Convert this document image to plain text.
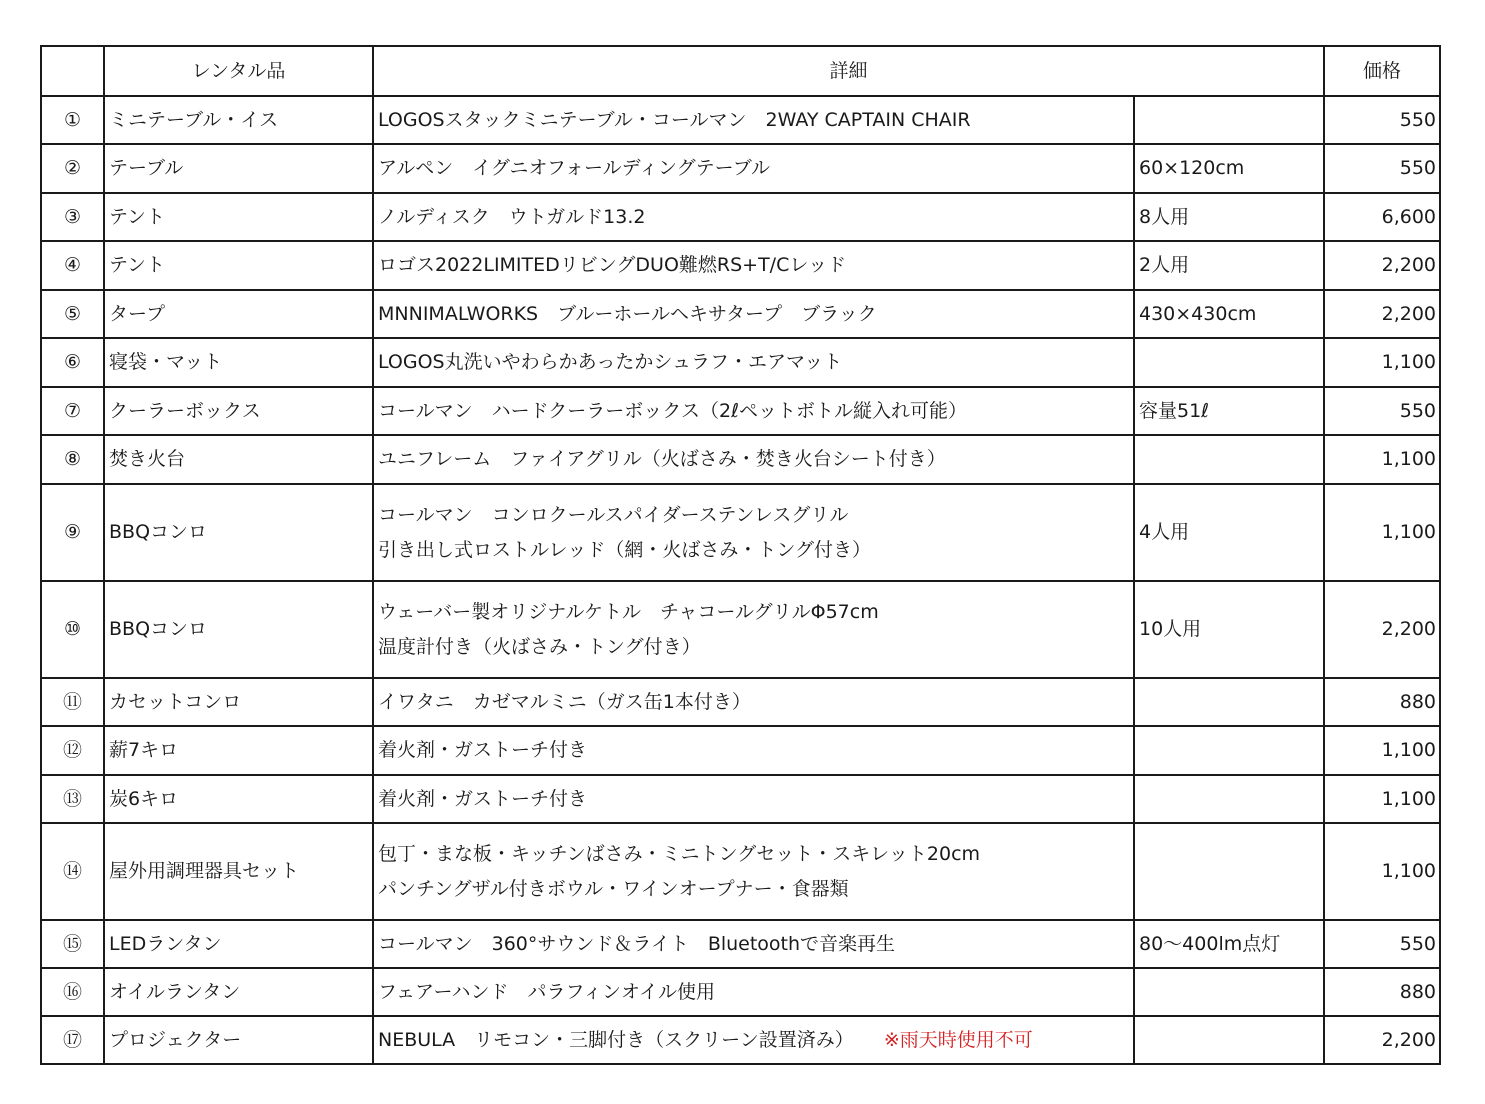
	レンタル品	詳細		価格
①	ミニテーブル・イス	LOGOSスタックミニテーブル・コールマン　2WAY CAPTAIN CHAIR		550
②	テーブル	アルペン　イグニオフォールディングテーブル	60×120cm	550
③	テント	ノルディスク　ウトガルド13.2	8人用	6,600
④	テント	ロゴス2022LIMITEDリビングDUO難燃RS+T/Cレッド	2人用	2,200
⑤	タープ	MNNIMALWORKS　ブルーホールヘキサタープ　ブラック	430×430cm	2,200
⑥	寝袋・マット	LOGOS丸洗いやわらかあったかシュラフ・エアマット		1,100
⑦	クーラーボックス	コールマン　ハードクーラーボックス（2ℓペットボトル縦入れ可能）	容量51ℓ	550
⑧	焚き火台	ユニフレーム　ファイアグリル（火ばさみ・焚き火台シート付き）		1,100
⑨	BBQコンロ	コールマン　コンロクールスパイダーステンレスグリル
引き出し式ロストルレッド（網・火ばさみ・トング付き）	4人用	1,100
⑩	BBQコンロ	ウェーバー製オリジナルケトル　チャコールグリルΦ57cm
温度計付き（火ばさみ・トング付き）	10人用	2,200
⑪	カセットコンロ	イワタニ　カゼマルミニ（ガス缶1本付き）		880
⑫	薪7キロ	着火剤・ガストーチ付き		1,100
⑬	炭6キロ	着火剤・ガストーチ付き		1,100
⑭	屋外用調理器具セット	包丁・まな板・キッチンばさみ・ミニトングセット・スキレット20cm
パンチングザル付きボウル・ワインオープナー・食器類		1,100
⑮	LEDランタン	コールマン　360°サウンド＆ライト　Bluetoothで音楽再生	80〜400lm点灯	550
⑯	オイルランタン	フェアーハンド　パラフィンオイル使用		880
⑰	プロジェクター	NEBULA　リモコン・三脚付き（スクリーン設置済み） ※雨天時使用不可		2,200
